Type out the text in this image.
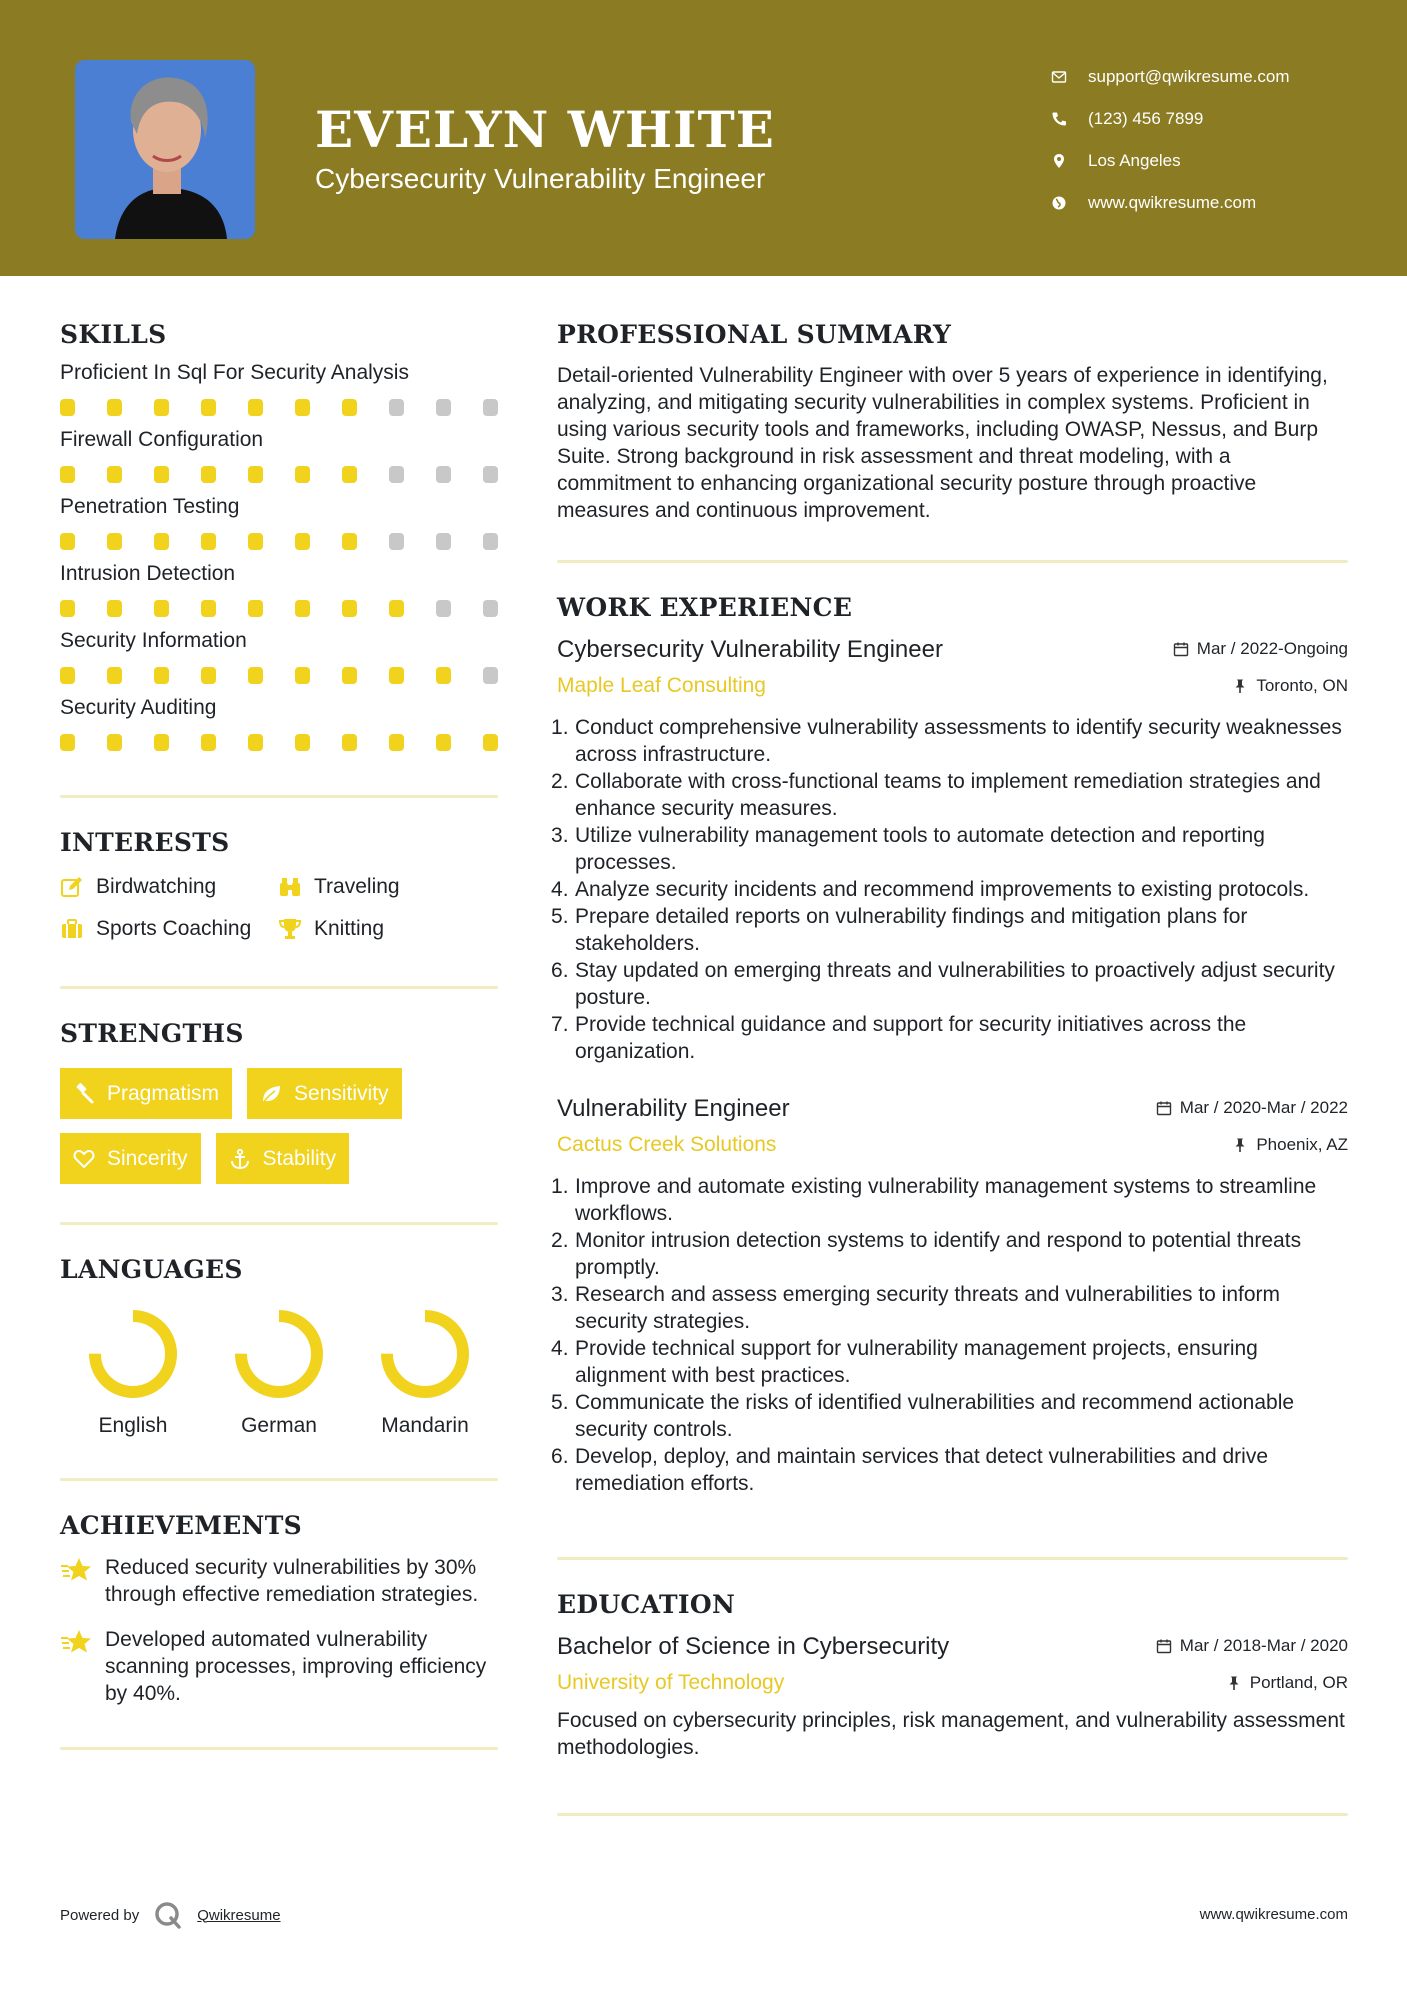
EVELYN WHITE
Cybersecurity Vulnerability Engineer
support@qwikresume.com
(123) 456 7899
Los Angeles
www.qwikresume.com
SKILLS
Proficient In Sql For Security Analysis
Firewall Configuration
Penetration Testing
Intrusion Detection
Security Information
Security Auditing
INTERESTS
Birdwatching	Traveling
Sports Coaching	Knitting
STRENGTHS
Pragmatism	Sensitivity
Sincerity	Stability
LANGUAGES
English	German	Mandarin
ACHIEVEMENTS
Reduced security vulnerabilities by 30% through effective remediation strategies.
Developed automated vulnerability scanning processes, improving efficiency by 40%.
PROFESSIONAL SUMMARY
Detail-oriented Vulnerability Engineer with over 5 years of experience in identifying, analyzing, and mitigating security vulnerabilities in complex systems. Proficient in using various security tools and frameworks, including OWASP, Nessus, and Burp Suite. Strong background in risk assessment and threat modeling, with a commitment to enhancing organizational security posture through proactive measures and continuous improvement.
WORK EXPERIENCE
Cybersecurity Vulnerability Engineer	Mar / 2022-Ongoing
Maple Leaf Consulting	Toronto, ON
Conduct comprehensive vulnerability assessments to identify security weaknesses across infrastructure.
Collaborate with cross-functional teams to implement remediation strategies and enhance security measures.
Utilize vulnerability management tools to automate detection and reporting processes.
Analyze security incidents and recommend improvements to existing protocols.
Prepare detailed reports on vulnerability findings and mitigation plans for stakeholders.
Stay updated on emerging threats and vulnerabilities to proactively adjust security posture.
Provide technical guidance and support for security initiatives across the organization.
Vulnerability Engineer	Mar / 2020-Mar / 2022
Cactus Creek Solutions	Phoenix, AZ
Improve and automate existing vulnerability management systems to streamline workflows.
Monitor intrusion detection systems to identify and respond to potential threats promptly.
Research and assess emerging security threats and vulnerabilities to inform security strategies.
Provide technical support for vulnerability management projects, ensuring alignment with best practices.
Communicate the risks of identified vulnerabilities and recommend actionable security controls.
Develop, deploy, and maintain services that detect vulnerabilities and drive remediation efforts.
EDUCATION
Bachelor of Science in Cybersecurity	Mar / 2018-Mar / 2020
University of Technology	Portland, OR
Focused on cybersecurity principles, risk management, and vulnerability assessment methodologies.
Powered by	Qwikresume	www.qwikresume.com
